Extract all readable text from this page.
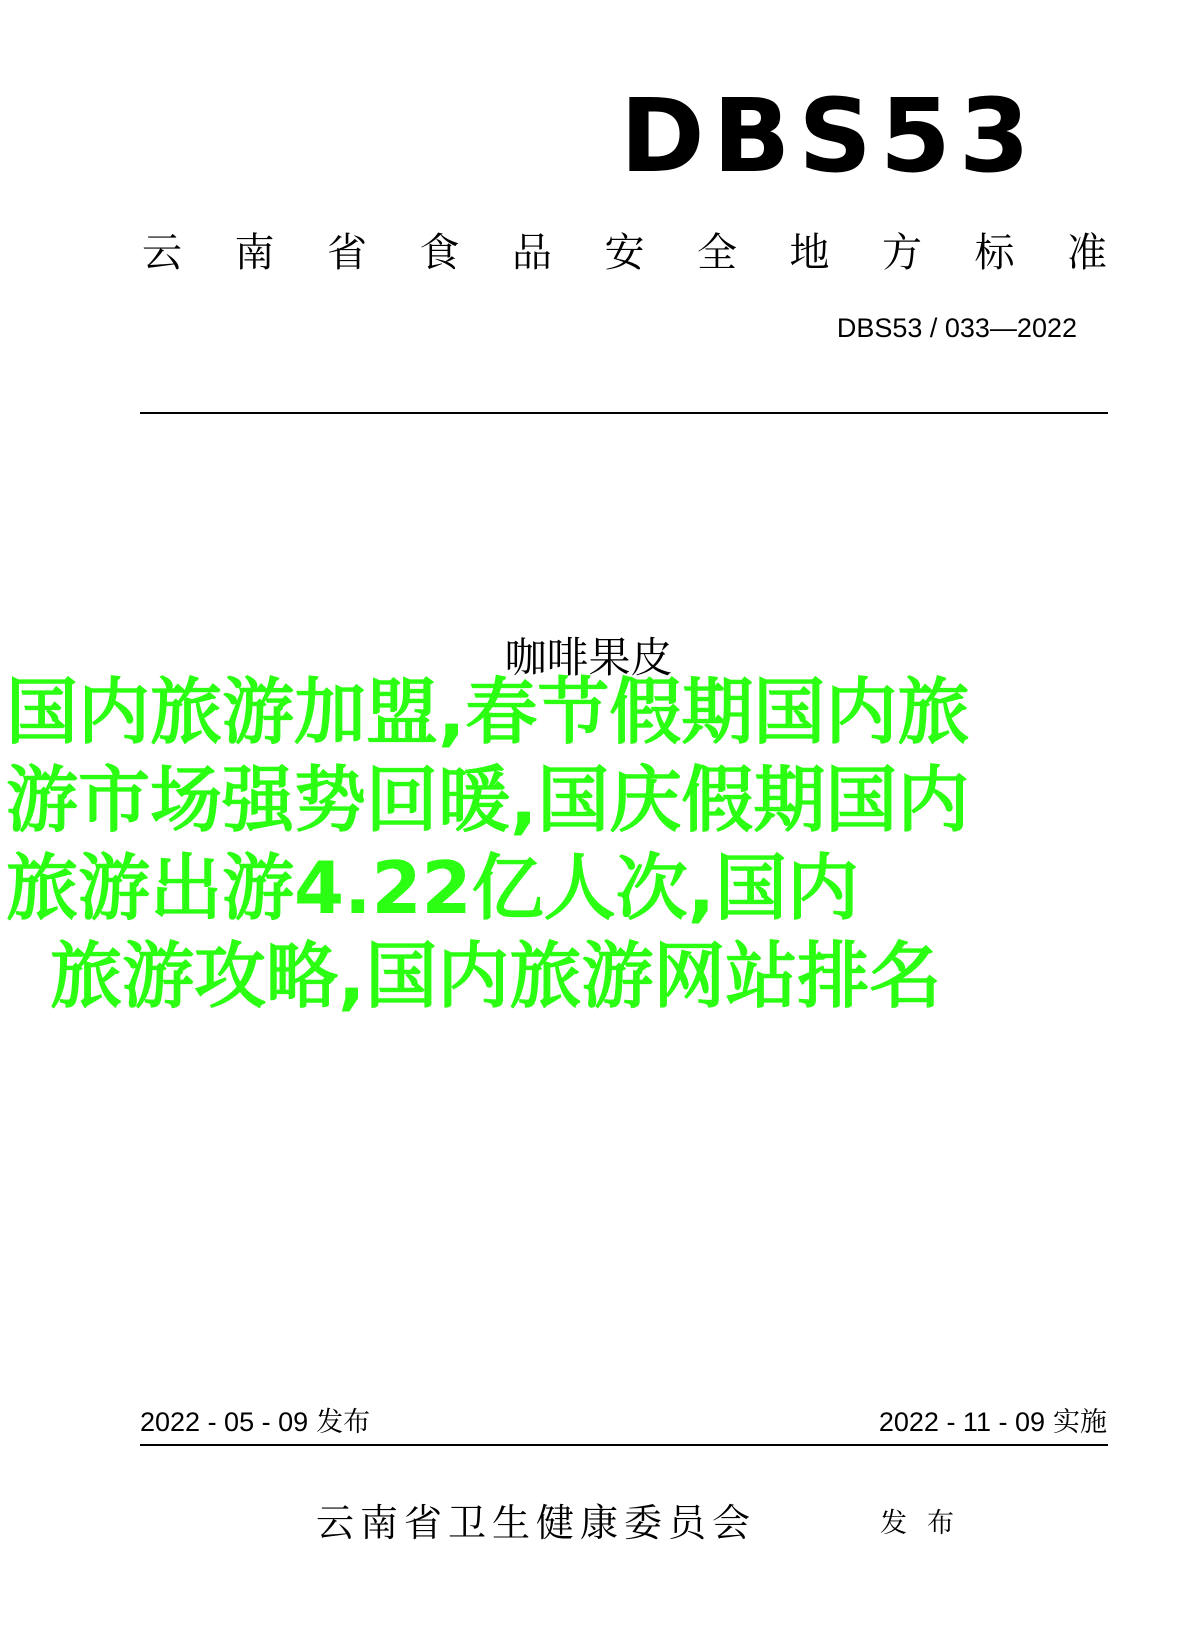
DBS53
云 南 省 食 品 安 全 地 方 标 准
DBS53 / 033—2022
咖啡果皮
国内旅游加盟,春节假期国内旅
游市场强势回暖,国庆假期国内
旅游出游4.22亿人次,国内
旅游攻略,国内旅游网站排名
2022 - 05 - 09 发布	2022 - 11 - 09 实施
云南省卫生健康委员会	发布
